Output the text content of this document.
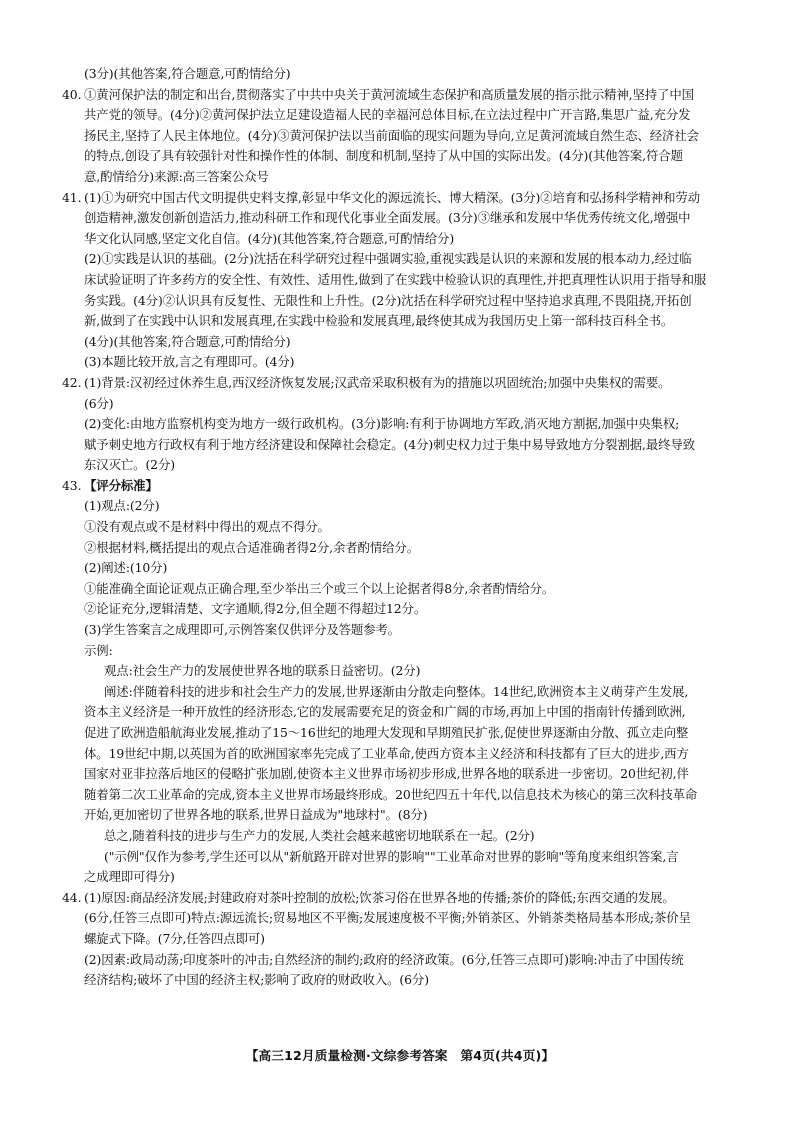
(3分)(其他答案,符合题意,可酌情给分)
40. ①黄河保护法的制定和出台,贯彻落实了中共中央关于黄河流域生态保护和高质量发展的指示批示精神,坚持了中国
共产党的领导。(4分)②黄河保护法立足建设造福人民的幸福河总体目标,在立法过程中广开言路,集思广益,充分发
扬民主,坚持了人民主体地位。(4分)③黄河保护法以当前面临的现实问题为导向,立足黄河流域自然生态、经济社会
的特点,创设了具有较强针对性和操作性的体制、制度和机制,坚持了从中国的实际出发。(4分)(其他答案,符合题
意,酌情给分)来源:高三答案公众号
41. (1)①为研究中国古代文明提供史料支撑,彰显中华文化的源远流长、博大精深。(3分)②培育和弘扬科学精神和劳动
创造精神,激发创新创造活力,推动科研工作和现代化事业全面发展。(3分)③继承和发展中华优秀传统文化,增强中
华文化认同感,坚定文化自信。(4分)(其他答案,符合题意,可酌情给分)
(2)①实践是认识的基础。(2分)沈括在科学研究过程中强调实验,重视实践是认识的来源和发展的根本动力,经过临
床试验证明了许多药方的安全性、有效性、适用性,做到了在实践中检验认识的真理性,并把真理性认识用于指导和服
务实践。(4分)②认识具有反复性、无限性和上升性。(2分)沈括在科学研究过程中坚持追求真理,不畏阻挠,开拓创
新,做到了在实践中认识和发展真理,在实践中检验和发展真理,最终使其成为我国历史上第一部科技百科全书。
(4分)(其他答案,符合题意,可酌情给分)
(3)本题比较开放,言之有理即可。(4分)
42. (1)背景:汉初经过休养生息,西汉经济恢复发展;汉武帝采取积极有为的措施以巩固统治;加强中央集权的需要。
(6分)
(2)变化:由地方监察机构变为地方一级行政机构。(3分)影响:有利于协调地方军政,消灭地方割据,加强中央集权;
赋予刺史地方行政权有利于地方经济建设和保障社会稳定。(4分)刺史权力过于集中易导致地方分裂割据,最终导致
东汉灭亡。(2分)
43. 【评分标准】
(1)观点:(2分)
①没有观点或不是材料中得出的观点不得分。
②根据材料,概括提出的观点合适准确者得2分,余者酌情给分。
(2)阐述:(10分)
①能准确全面论证观点正确合理,至少举出三个或三个以上论据者得8分,余者酌情给分。
②论证充分,逻辑清楚、文字通顺,得2分,但全题不得超过12分。
(3)学生答案言之成理即可,示例答案仅供评分及答题参考。
示例:
观点:社会生产力的发展使世界各地的联系日益密切。(2分)
阐述:伴随着科技的进步和社会生产力的发展,世界逐渐由分散走向整体。14世纪,欧洲资本主义萌芽产生发展,
资本主义经济是一种开放性的经济形态,它的发展需要充足的资金和广阔的市场,再加上中国的指南针传播到欧洲,
促进了欧洲造船航海业发展,推动了15～16世纪的地理大发现和早期殖民扩张,促使世界逐渐由分散、孤立走向整
体。19世纪中期,以英国为首的欧洲国家率先完成了工业革命,使西方资本主义经济和科技都有了巨大的进步,西方
国家对亚非拉落后地区的侵略扩张加剧,使资本主义世界市场初步形成,世界各地的联系进一步密切。20世纪初,伴
随着第二次工业革命的完成,资本主义世界市场最终形成。20世纪四五十年代,以信息技术为核心的第三次科技革命
开始,更加密切了世界各地的联系,世界日益成为"地球村"。(8分)
总之,随着科技的进步与生产力的发展,人类社会越来越密切地联系在一起。(2分)
("示例"仅作为参考,学生还可以从"新航路开辟对世界的影响""工业革命对世界的影响"等角度来组织答案,言
之成理即可得分)
44. (1)原因:商品经济发展;封建政府对茶叶控制的放松;饮茶习俗在世界各地的传播;茶价的降低;东西交通的发展。
(6分,任答三点即可)特点:源远流长;贸易地区不平衡;发展速度极不平衡;外销茶区、外销茶类格局基本形成;茶价呈
螺旋式下降。(7分,任答四点即可)
(2)因素:政局动荡;印度茶叶的冲击;自然经济的制约;政府的经济政策。(6分,任答三点即可)影响:冲击了中国传统
经济结构;破坏了中国的经济主权;影响了政府的财政收入。(6分)
【高三12月质量检测·文综参考答案　第4页(共4页)】
